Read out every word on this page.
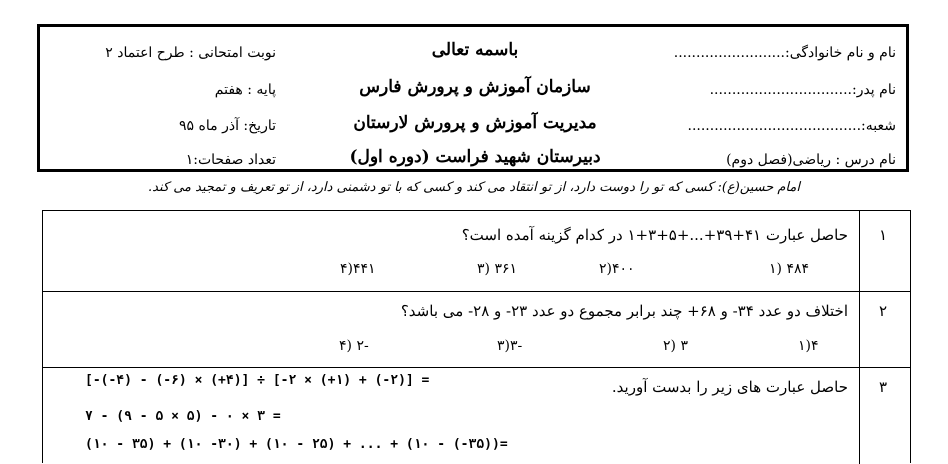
نام و نام خانوادگی:.........................
نام پدر:................................
شعبه:.......................................
نام درس : ریاضی(فصل دوم)
باسمه تعالی
سازمان آموزش و پرورش فارس
مدیریت آموزش و پرورش لارستان
دبیرستان شهید فراست (دوره اول)
نوبت امتحانی : طرح اعتماد ۲
پایه : هفتم
تاریخ: آذر ماه ۹۵
تعداد صفحات:۱
امام حسین(ع): کسی که تو را دوست دارد، از تو انتقاد می کند و کسی که با تو دشمنی دارد، از تو تعریف و تمجید می کند.
۱
حاصل عبارت ۴۱+۳۹+...+۵+۳+۱ در کدام گزینه آمده است؟
۴۸۴ (۱
۴۰۰(۲
۳۶۱ (۳
۴۴۱(۴
۲
اختلاف دو عدد ۳۴- و ۶۸+ چند برابر مجموع دو عدد ۲۳- و ۲۸- می باشد؟
۴(۱
۳ (۲
-۳(۳
-۲ (۴
۳
حاصل عبارت های زیر را بدست آورید.
[-(-۴) - (-۶) × (+۴)] ÷ [-۲ × (+۱) + (-۲)] =
۷ - (۹ - ۵ × ۵) - ۰ × ۳ =
(۱۰ - ۳۵) + (۱۰ -۳۰) + (۱۰ - ۲۵) + ... + (۱۰ - (-۳۵))=
